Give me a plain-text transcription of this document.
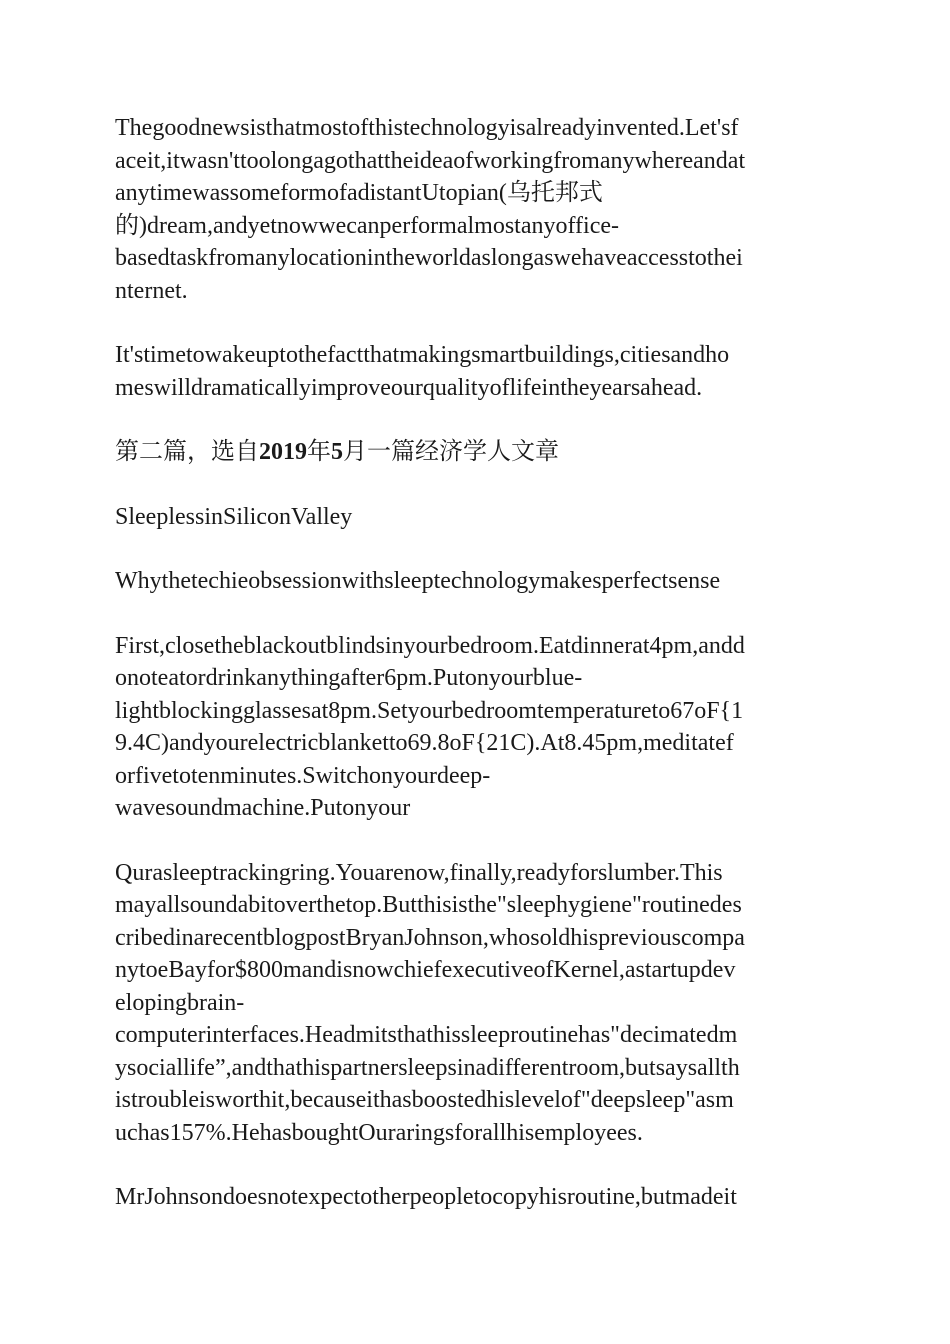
Thegoodnewsisthatmostofthistechnologyisalreadyinvented.Let'sf
aceit,itwasn'ttoolongagothattheideaofworkingfromanywhereandat
anytimewassomeformofadistantUtopian(乌托邦式
的)dream,andyetnowwecanperformalmostanyoffice-
basedtaskfromanylocationintheworldaslongaswehaveaccesstothei
nternet.

It'stimetowakeuptothefactthatmakingsmartbuildings,citiesandho
meswilldramaticallyimproveourqualityoflifeintheyearsahead.

第二篇，选自2019年5月一篇经济学人文章

SleeplessinSiliconValley

Whythetechieobsessionwithsleeptechnologymakesperfectsense

First,closetheblackoutblindsinyourbedroom.Eatdinnerat4pm,andd
onoteatordrinkanythingafter6pm.Putonyourblue-
lightblockingglassesat8pm.Setyourbedroomtemperatureto67oF{1
9.4C)andyourelectricblanketto69.8oF{21C).At8.45pm,meditatef
orfivetotenminutes.Switchonyourdeep-
wavesoundmachine.Putonyour

Qurasleeptrackingring.Youarenow,finally,readyforslumber.This
mayallsoundabitoverthetop.Butthisisthe"sleephygiene"routinedes
cribedinarecentblogpostBryanJohnson,whosoldhispreviouscompa
nytoeBayfor$800mandisnowchiefexecutiveofKernel,astartupdev
elopingbrain-
computerinterfaces.Headmitsthathissleeproutinehas"decimatedm
ysociallife”,andthathispartnersleepsinadifferentroom,butsaysallth
istroubleisworthit,becauseithasboostedhislevelof"deepsleep"asm
uchas157%.HehasboughtOuraringsforallhisemployees.

MrJohnsondoesnotexpectotherpeopletocopyhisroutine,butmadeit
